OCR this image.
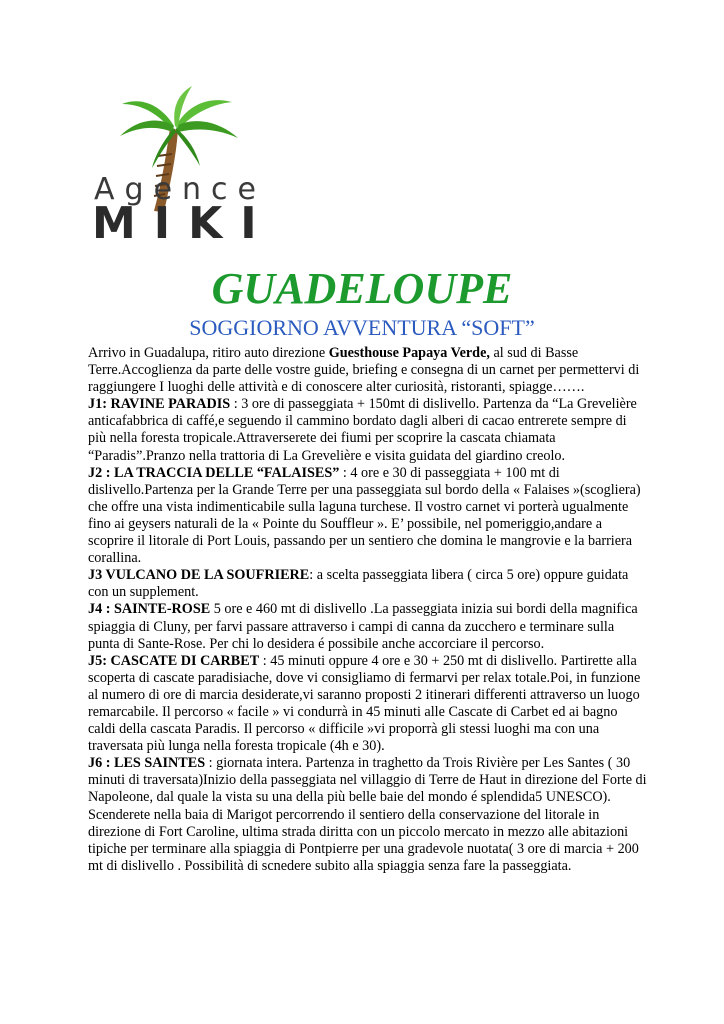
Agence
MIKI
GUADELOUPE
SOGGIORNO AVVENTURA “SOFT”

Arrivo in Guadalupa, ritiro auto direzione Guesthouse Papaya Verde, al sud di Basse Terre.Accoglienza da parte delle vostre guide, briefing e consegna di un carnet per permettervi di raggiungere I luoghi delle attività e di conoscere alter curiosità, ristoranti, spiagge…….

J1: RAVINE PARADIS : 3 ore di passeggiata + 150mt di dislivello. Partenza da “La Grevelière anticafabbrica di caffé,e seguendo il cammino bordato dagli alberi di cacao entrerete sempre di più nella foresta tropicale.Attraverserete dei fiumi per scoprire la cascata chiamata “Paradis”.Pranzo nella trattoria di La Grevelière e visita guidata del giardino creolo.

J2 : LA TRACCIA DELLE “FALAISES” : 4 ore e 30 di passeggiata + 100 mt di dislivello.Partenza per la Grande Terre per una passeggiata sul bordo della « Falaises »(scogliera) che offre una vista indimenticabile sulla laguna turchese. Il vostro carnet vi porterà ugualmente fino ai geysers naturali de la « Pointe du Souffleur ». E’ possibile, nel pomeriggio,andare a scoprire il litorale di Port Louis, passando per un sentiero che domina le mangrovie e la barriera corallina.

J3 VULCANO DE LA SOUFRIERE: a scelta passeggiata libera ( circa 5 ore) oppure guidata con un supplement.

J4 : SAINTE-ROSE 5 ore e 460 mt di dislivello .La passeggiata inizia sui bordi della magnifica spiaggia di Cluny, per farvi passare attraverso i campi di canna da zucchero e terminare sulla punta di Sante-Rose. Per chi lo desidera é possibile anche accorciare il percorso.

J5: CASCATE DI CARBET : 45 minuti oppure 4 ore e 30 + 250 mt di dislivello. Partirette alla scoperta di cascate paradisiache, dove vi consigliamo di fermarvi per relax totale.Poi, in funzione al numero di ore di marcia desiderate,vi saranno proposti 2 itinerari differenti attraverso un luogo remarcabile. Il percorso « facile » vi condurrà in 45 minuti alle Cascate di Carbet ed ai bagno caldi della cascata Paradis. Il percorso « difficile »vi proporrà gli stessi luoghi ma con una traversata più lunga nella foresta tropicale (4h e 30).

J6 : LES SAINTES : giornata intera. Partenza in traghetto da Trois Rivière per Les Santes ( 30 minuti di traversata)Inizio della passeggiata nel villaggio di Terre de Haut in direzione del Forte di Napoleone, dal quale la vista su una della più belle baie del mondo é splendida5 UNESCO). Scenderete nella baia di Marigot percorrendo il sentiero della conservazione del litorale in direzione di Fort Caroline, ultima strada diritta con un piccolo mercato in mezzo alle abitazioni tipiche per terminare alla spiaggia di Pontpierre per una gradevole nuotata( 3 ore di marcia + 200 mt di dislivello . Possibilità di scnedere subito alla spiaggia senza fare la passeggiata.
